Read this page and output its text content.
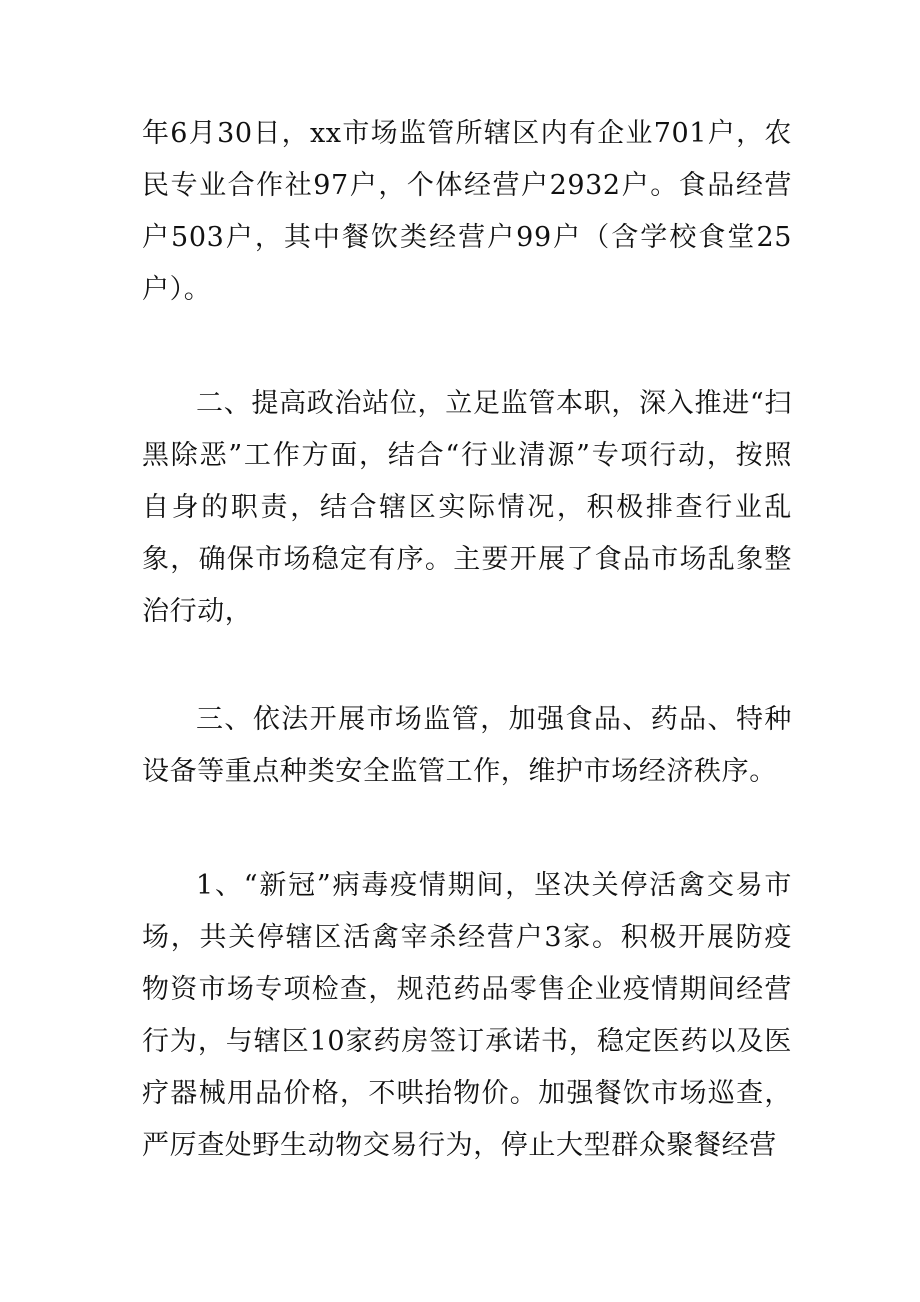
年6月30日，xx市场监管所辖区内有企业701户，农民专业合作社97户，个体经营户2932户。食品经营户503户，其中餐饮类经营户99户（含学校食堂25户）。

二、提高政治站位，立足监管本职，深入推进“扫黑除恶”工作方面，结合“行业清源”专项行动，按照自身的职责，结合辖区实际情况，积极排查行业乱象，确保市场稳定有序。主要开展了食品市场乱象整治行动，

三、依法开展市场监管，加强食品、药品、特种设备等重点种类安全监管工作，维护市场经济秩序。

1、“新冠”病毒疫情期间，坚决关停活禽交易市场，共关停辖区活禽宰杀经营户3家。积极开展防疫物资市场专项检查，规范药品零售企业疫情期间经营行为，与辖区10家药房签订承诺书，稳定医药以及医疗器械用品价格，不哄抬物价。加强餐饮市场巡查，严厉查处野生动物交易行为，停止大型群众聚餐经营
